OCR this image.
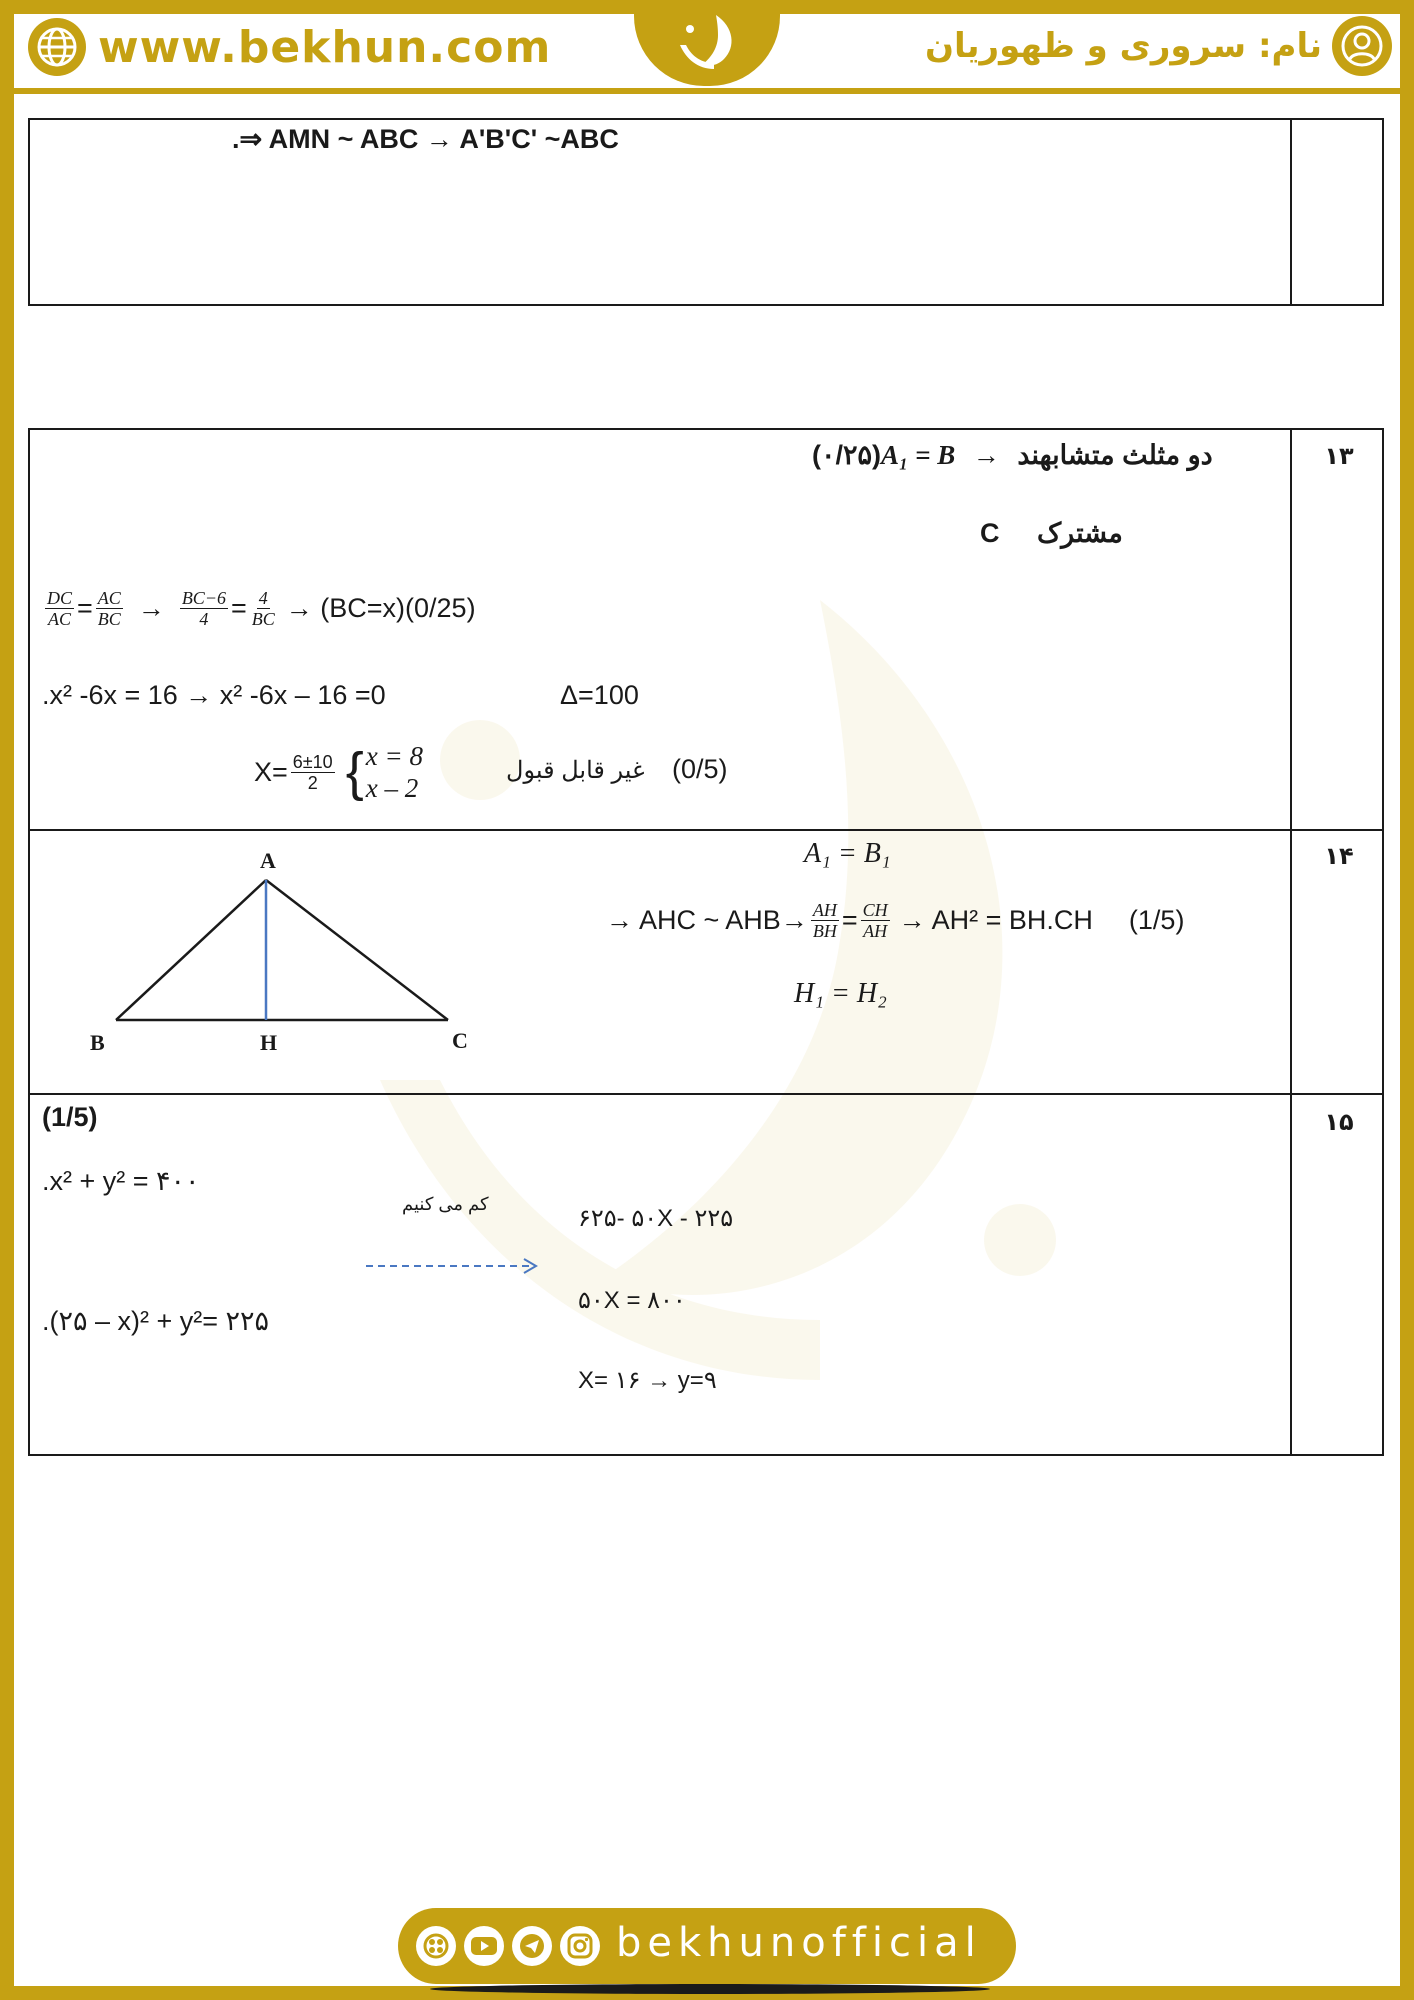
www.bekhun.com	نام: سروری و ظهوریان
.⇒ AMN ~ ABC → A'B'C' ~ABC
۱۳
(۰/۲۵)A₁ = B → دو مثلث متشابهند
C مشترک
$\frac{DC}{AC} = \frac{AC}{BC} \to \frac{BC-6}{4} = \frac{4}{BC} \to (BC=x)(0/25)$
.x² -6x = 16 → x² -6x – 16 =0	Δ=100
$X= \frac{6\pm 10}{2}$ { x = 8
x – 2
غیر قابل قبول (0/5)
۱۴
A
B	H	C
A₁ = B₁
→ AHC ~ $AHB\to \frac{AH}{BH} = \frac{CH}{AH} \to AH^2 = BH.CH$ (1/5)
H₁ = H₂
۱۵
(1/5)
.x² + y² = ۴۰۰
.(۲۵ – x)² + y²= ۲۲۵
کم می کنیم
۶۲۵- ۵۰X - ۲۲۵
۵۰X = ۸۰۰
X= ۱۶ → y=۹
bekhunofficial
